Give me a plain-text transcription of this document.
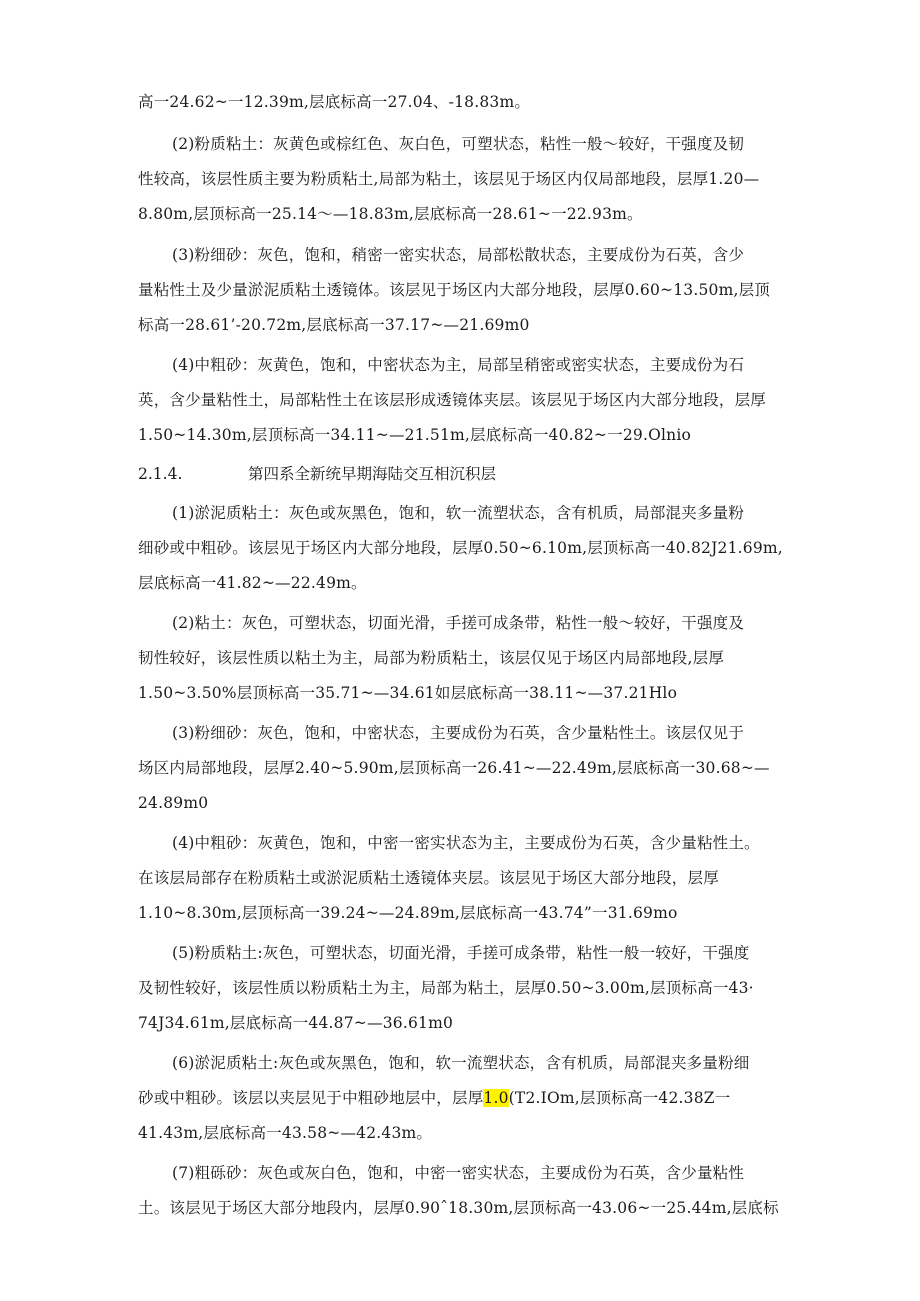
高一24.62~一12.39m,层底标高一27.04、-18.83m。
(2)粉质粘土：灰黄色或棕红色、灰白色，可塑状态，粘性一般～较好，干强度及韧
性较高，该层性质主要为粉质粘土,局部为粘土，该层见于场区内仅局部地段，层厚1.20—
8.80m,层顶标高一25.14～—18.83m,层底标高一28.61~一22.93m。
(3)粉细砂：灰色，饱和，稍密一密实状态，局部松散状态，主要成份为石英，含少
量粘性土及少量淤泥质粘土透镜体。该层见于场区内大部分地段，层厚0.60~13.50m,层顶
标高一28.61’-20.72m,层底标高一37.17~—21.69m0
(4)中粗砂：灰黄色，饱和，中密状态为主，局部呈稍密或密实状态，主要成份为石
英，含少量粘性土，局部粘性土在该层形成透镜体夹层。该层见于场区内大部分地段，层厚
1.50~14.30m,层顶标高一34.11~—21.51m,层底标高一40.82~一29.Olnio
2.1.4.	第四系全新统早期海陆交互相沉积层
(1)淤泥质粘土：灰色或灰黑色，饱和，软一流塑状态，含有机质，局部混夹多量粉
细砂或中粗砂。该层见于场区内大部分地段，层厚0.50~6.10m,层顶标高一40.82J21.69m,
层底标高一41.82~—22.49m。
(2)粘土：灰色，可塑状态，切面光滑，手搓可成条带，粘性一般～较好，干强度及
韧性较好，该层性质以粘土为主，局部为粉质粘土，该层仅见于场区内局部地段,层厚
1.50~3.50%层顶标高一35.71~—34.61如层底标高一38.11~—37.21Hlo
(3)粉细砂：灰色，饱和，中密状态，主要成份为石英，含少量粘性土。该层仅见于
场区内局部地段，层厚2.40~5.90m,层顶标高一26.41~—22.49m,层底标高一30.68~—
24.89m0
(4)中粗砂：灰黄色，饱和，中密一密实状态为主，主要成份为石英，含少量粘性土。
在该层局部存在粉质粘土或淤泥质粘土透镜体夹层。该层见于场区大部分地段，层厚
1.10~8.30m,层顶标高一39.24~—24.89m,层底标高一43.74”一31.69mo
(5)粉质粘土:灰色，可塑状态，切面光滑，手搓可成条带，粘性一般一较好，干强度
及韧性较好，该层性质以粉质粘土为主，局部为粘土，层厚0.50~3.00m,层顶标高一43·
74J34.61m,层底标高一44.87~—36.61m0
(6)淤泥质粘土:灰色或灰黑色，饱和，软一流塑状态，含有机质，局部混夹多量粉细
砂或中粗砂。该层以夹层见于中粗砂地层中，层厚1.0(T2.IOm,层顶标高一42.38Z一
41.43m,层底标高一43.58~—42.43m。
(7)粗砾砂：灰色或灰白色，饱和，中密一密实状态，主要成份为石英，含少量粘性
土。该层见于场区大部分地段内，层厚0.90ˆ18.30m,层顶标高一43.06~一25.44m,层底标
